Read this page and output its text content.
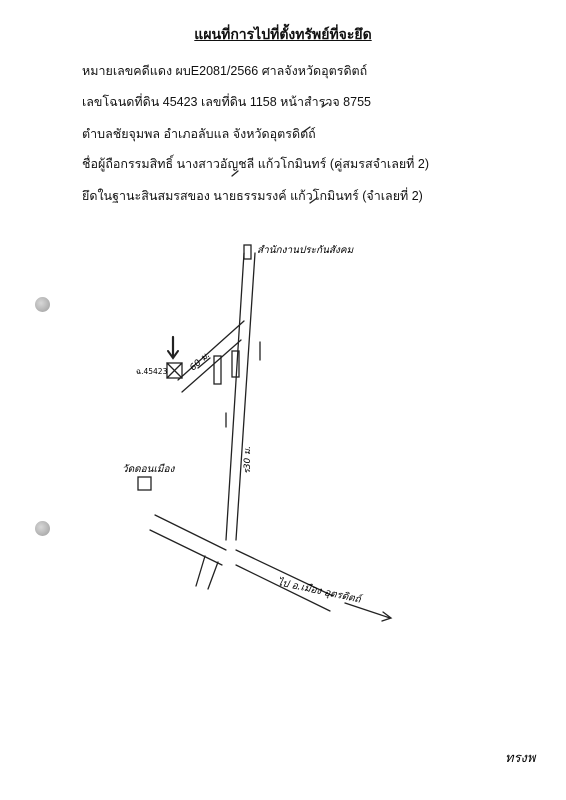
แผนที่การไปที่ตั้งทรัพย์ที่จะยึด
หมายเลขคดีแดง ผบE2081/2566 ศาลจังหวัดอุตรดิตถ์
เลขโฉนดที่ดิน 45423 เลขที่ดิน 1158 หน้าสำรวจ 8755
ตำบลชัยจุมพล อำเภอลับแล จังหวัดอุตรดิตถ์
ชื่อผู้ถือกรรมสิทธิ์ นางสาวอัญชลี แก้วโกมินทร์ (คู่สมรสจำเลยที่ 2)
ยึดในฐานะสินสมรสของ นายธรรมรงค์ แก้วโกมินทร์ (จำเลยที่ 2)
สำนักงานประกันสังคม
ฉ.45423 60 ม.
ร30 ม.
วัดดอนเมือง
ไป อ.เมือง อุตรดิตถ์
ทรงพ
